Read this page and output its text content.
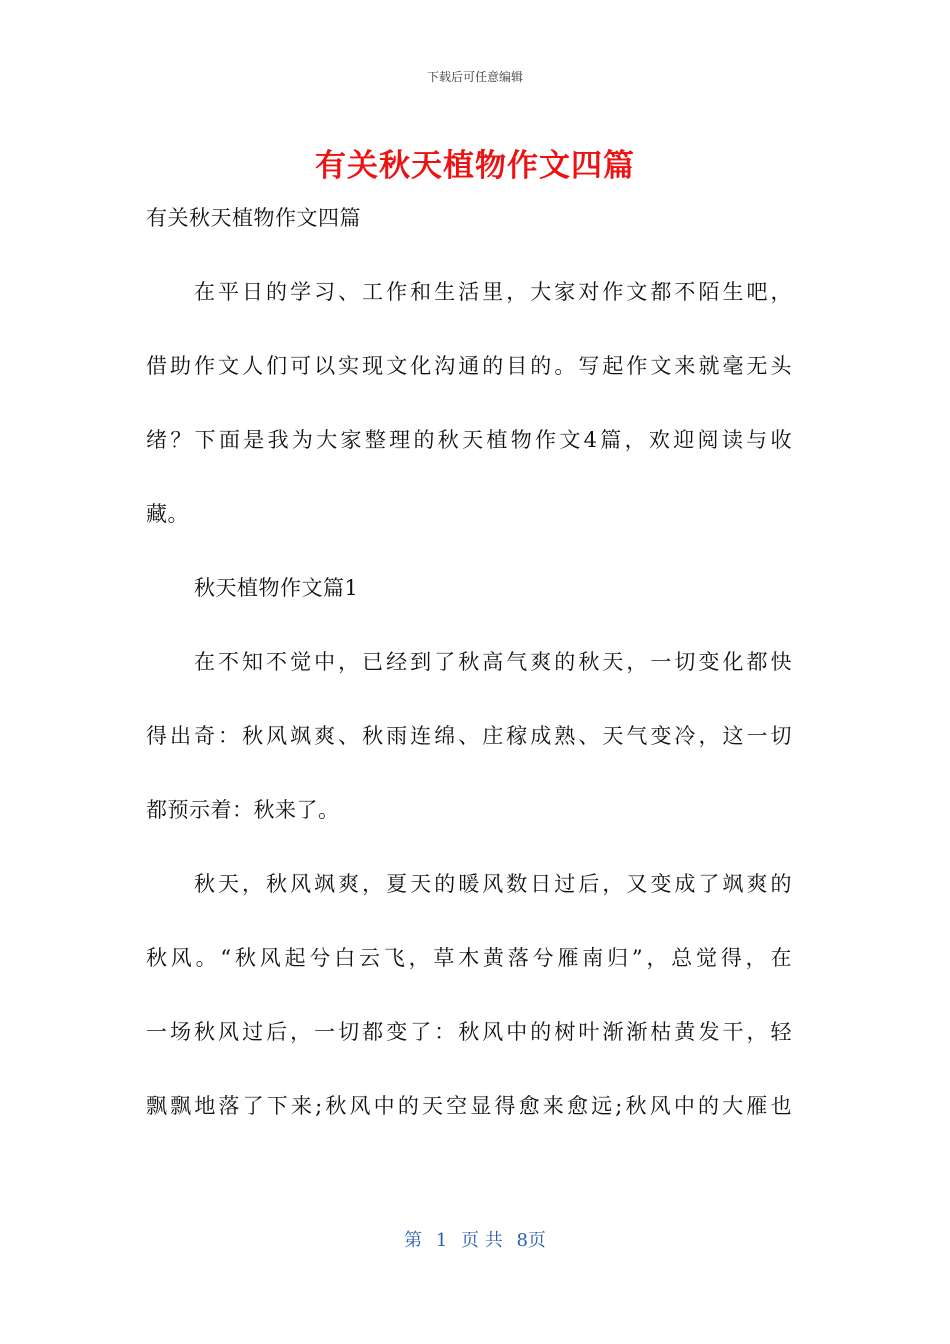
下载后可任意编辑
有关秋天植物作文四篇
有关秋天植物作文四篇
在平日的学习、工作和生活里，大家对作文都不陌生吧，
借助作文人们可以实现文化沟通的目的。写起作文来就毫无头
绪？下面是我为大家整理的秋天植物作文4篇，欢迎阅读与收
藏。
秋天植物作文篇1
在不知不觉中，已经到了秋高气爽的秋天，一切变化都快
得出奇：秋风飒爽、秋雨连绵、庄稼成熟、天气变冷，这一切
都预示着：秋来了。
秋天，秋风飒爽，夏天的暖风数日过后，又变成了飒爽的
秋风。“秋风起兮白云飞，草木黄落兮雁南归”，总觉得，在
一场秋风过后，一切都变了：秋风中的树叶渐渐枯黄发干，轻
飘飘地落了下来;秋风中的天空显得愈来愈远;秋风中的大雁也
第 1 页 共 8页
